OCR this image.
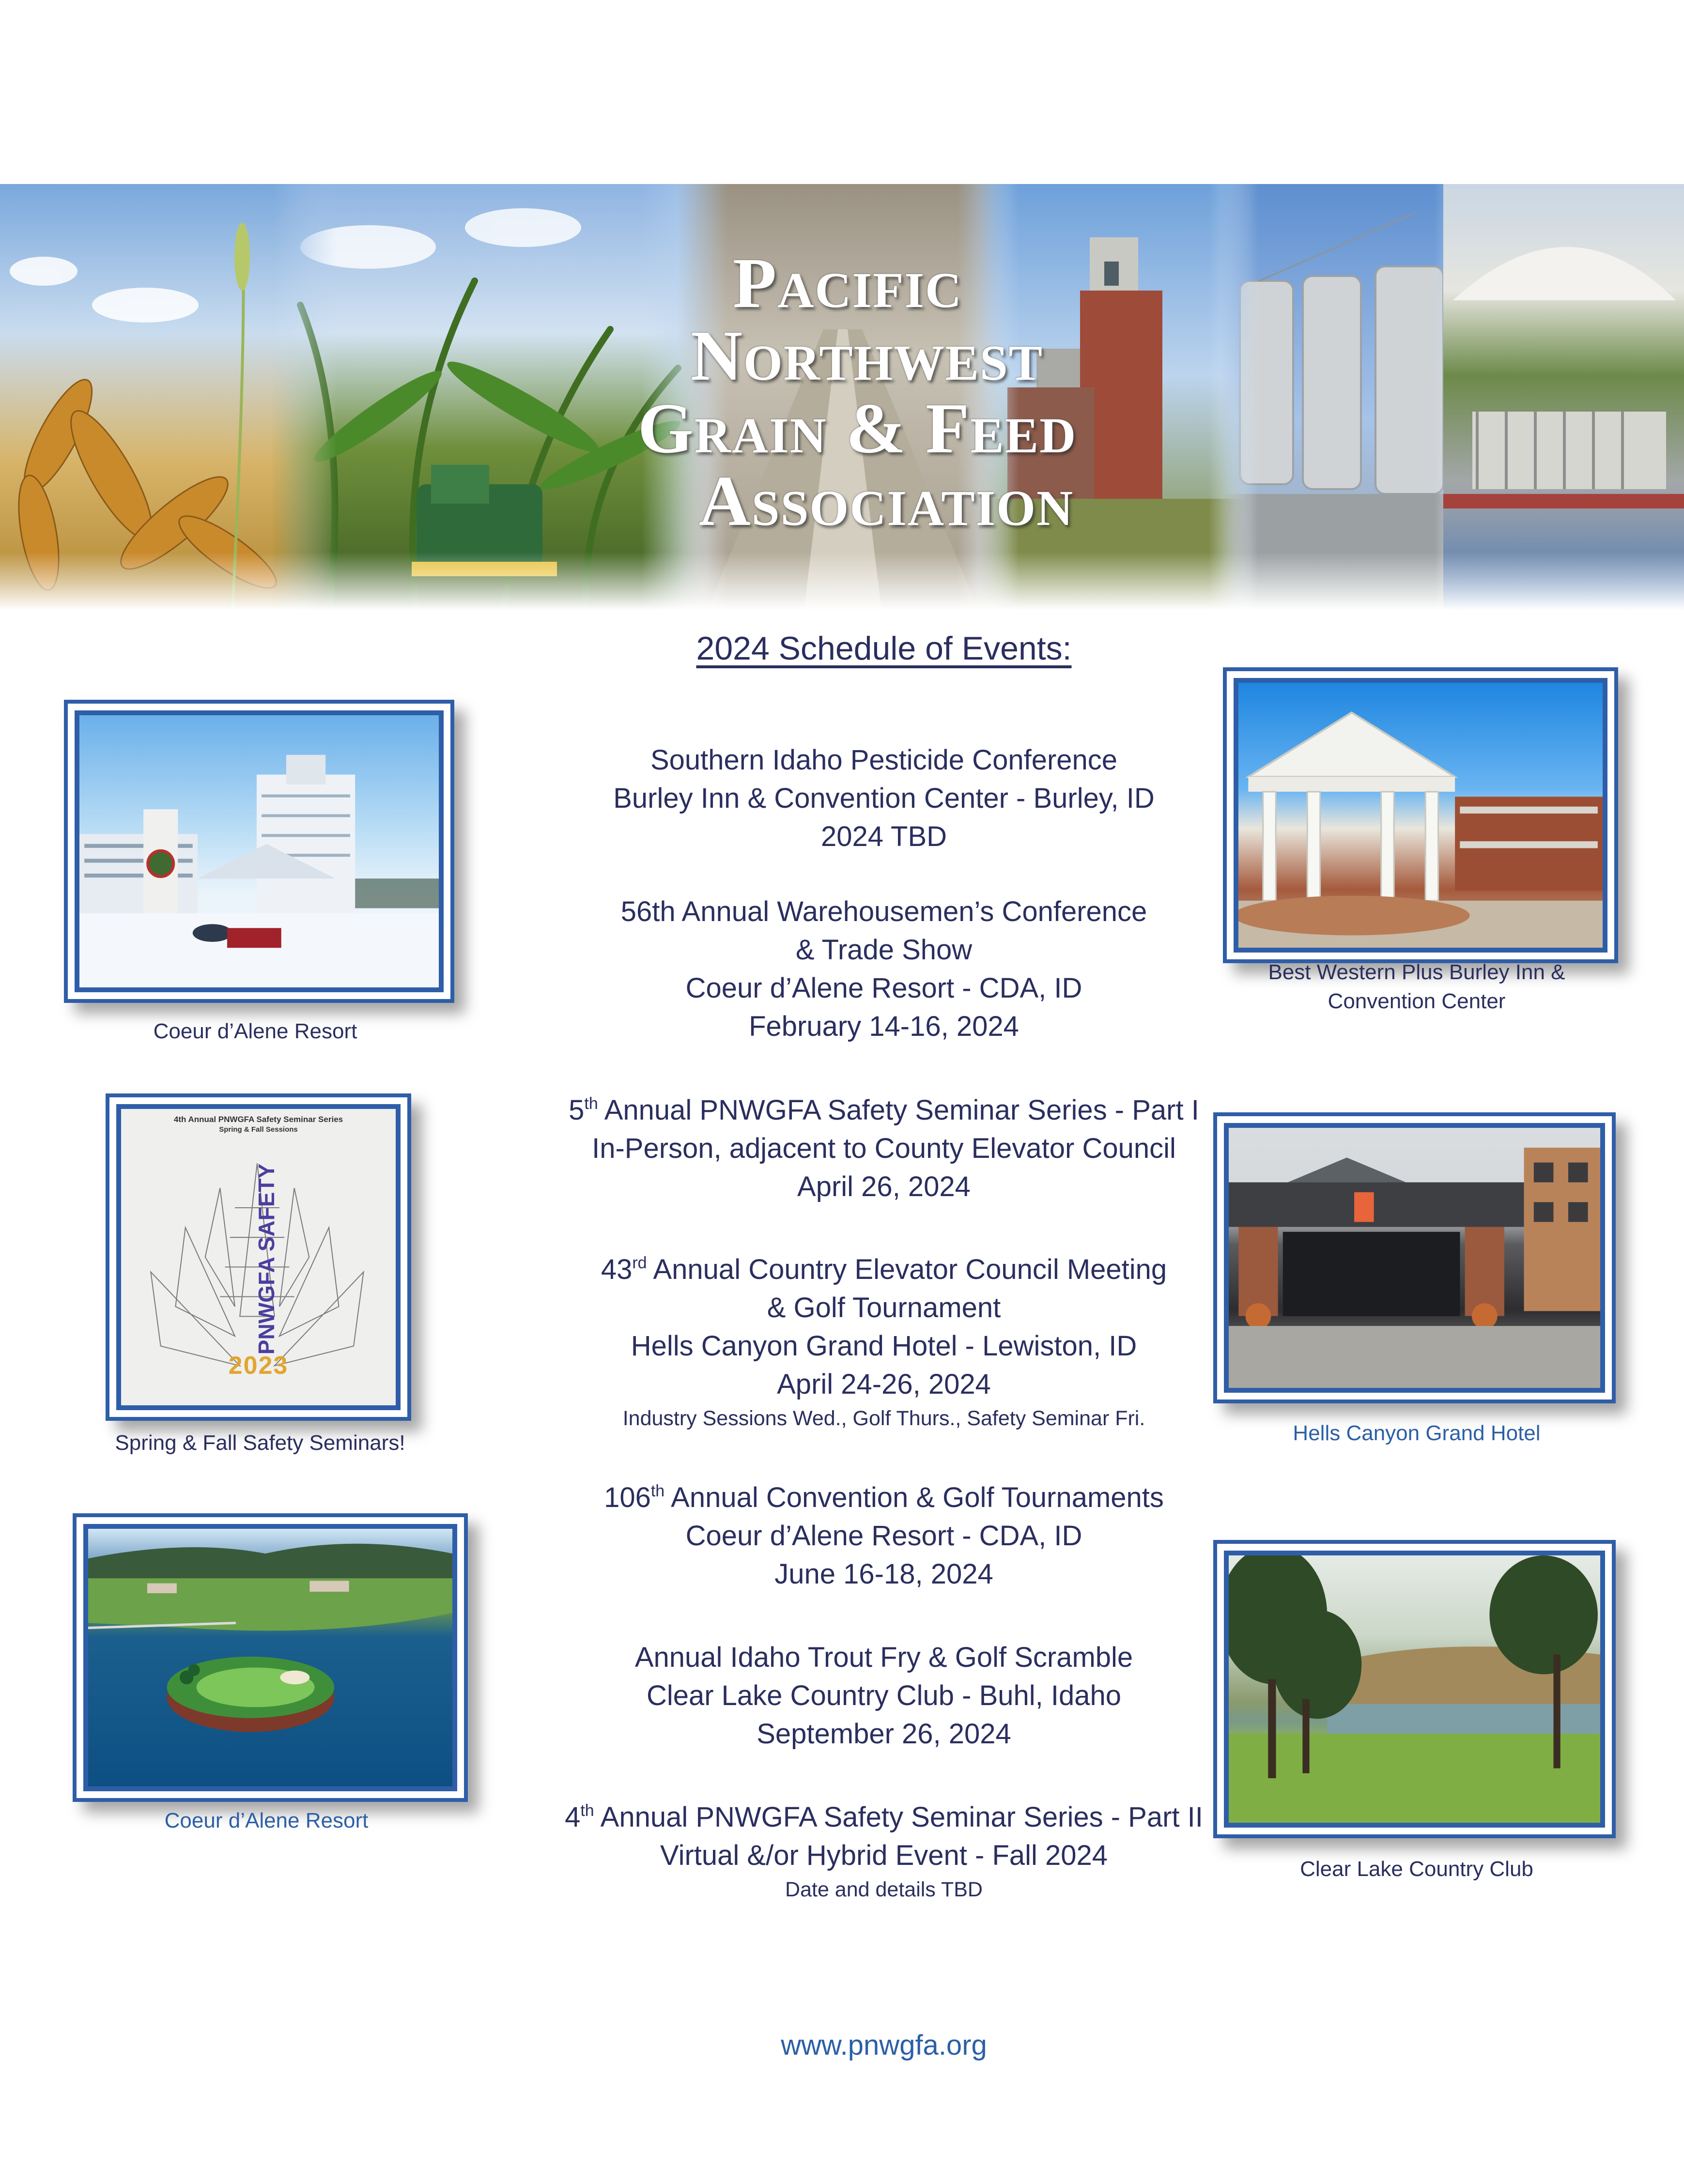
Pacific
Northwest
Grain & Feed
Association
2024 Schedule of Events:
Southern Idaho Pesticide Conference
Burley Inn & Convention Center - Burley, ID
2024 TBD
56th Annual Warehousemen’s Conference
& Trade Show
Coeur d’Alene Resort - CDA, ID
February 14-16, 2024
5th Annual PNWGFA Safety Seminar Series - Part I
In-Person, adjacent to County Elevator Council
April 26, 2024
43rd Annual Country Elevator Council Meeting
& Golf Tournament
Hells Canyon Grand Hotel - Lewiston, ID
April 24-26, 2024
Industry Sessions Wed., Golf Thurs., Safety Seminar Fri.
106th Annual Convention & Golf Tournaments
Coeur d’Alene Resort - CDA, ID
June 16-18, 2024
Annual Idaho Trout Fry & Golf Scramble
Clear Lake Country Club - Buhl, Idaho
September 26, 2024
4th Annual PNWGFA Safety Seminar Series - Part II
Virtual &/or Hybrid Event - Fall 2024
Date and details TBD
Coeur d’Alene Resort
4th Annual PNWGFA Safety Seminar Series
Spring & Fall Sessions
PNWGFA SAFETY
2023
Spring & Fall Safety Seminars!
Coeur d’Alene Resort
Best Western Plus Burley Inn &
Convention Center
Hells Canyon Grand Hotel
Clear Lake Country Club
www.pnwgfa.org
